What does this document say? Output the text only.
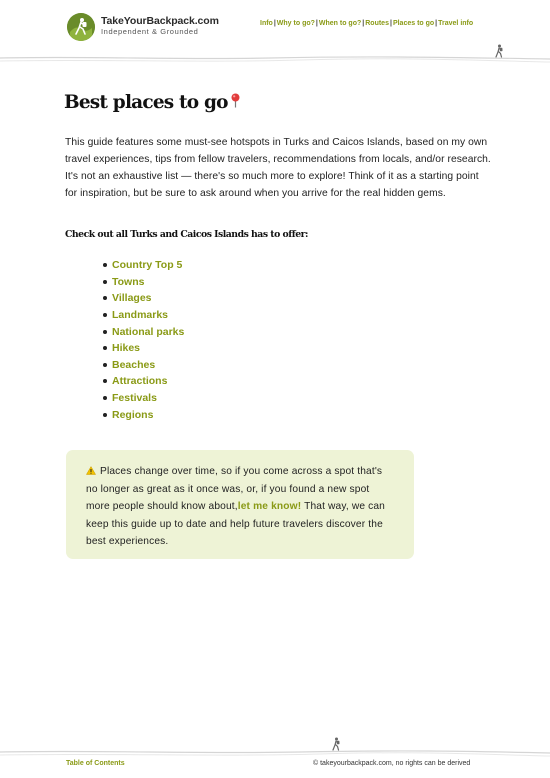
TakeYourBackpack.com
Independent & Grounded
Info | Why to go? | When to go? | Routes | Places to go | Travel info
Best places to go

This guide features some must-see hotspots in Turks and Caicos Islands, based on my own travel experiences, tips from fellow travelers, recommendations from locals, and/or research. It's not an exhaustive list — there's so much more to explore! Think of it as a starting point for inspiration, but be sure to ask around when you arrive for the real hidden gems.

Check out all Turks and Caicos Islands has to offer:

Country Top 5
Towns
Villages
Landmarks
National parks
Hikes
Beaches
Attractions
Festivals
Regions
Places change over time, so if you come across a spot that's no longer as great as it once was, or, if you found a new spot more people should know about,let me know! That way, we can keep this guide up to date and help future travelers discover the best experiences.
Table of Contents	© takeyourbackpack.com, no rights can be derived
